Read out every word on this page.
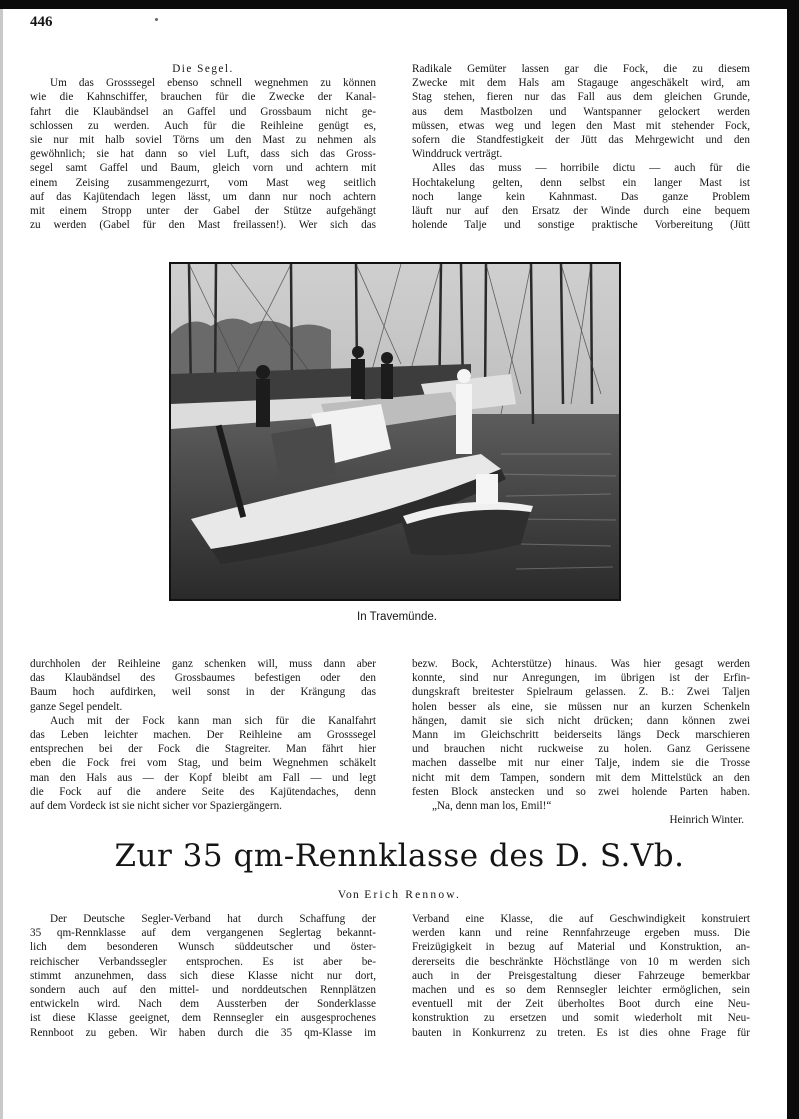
446
Die Segel.
Um das Grosssegel ebenso schnell wegnehmen zu können
wie die Kahnschiffer, brauchen für die Zwecke der Kanal-
fahrt die Klaubändsel an Gaffel und Grossbaum nicht ge-
schlossen zu werden. Auch für die Reihleine genügt es,
sie nur mit halb soviel Törns um den Mast zu nehmen als
gewöhnlich; sie hat dann so viel Luft, dass sich das Gross-
segel samt Gaffel und Baum, gleich vorn und achtern mit
einem Zeising zusammengezurrt, vom Mast weg seitlich
auf das Kajütendach legen lässt, um dann nur noch achtern
mit einem Stropp unter der Gabel der Stütze aufgehängt
zu werden (Gabel für den Mast freilassen!). Wer sich das
Radikale Gemüter lassen gar die Fock, die zu diesem
Zwecke mit dem Hals am Stagauge angeschäkelt wird, am
Stag stehen, fieren nur das Fall aus dem gleichen Grunde,
aus dem Mastbolzen und Wantspanner gelockert werden
müssen, etwas weg und legen den Mast mit stehender Fock,
sofern die Standfestigkeit der Jütt das Mehrgewicht und den
Winddruck verträgt.
Alles das muss — horribile dictu — auch für die
Hochtakelung gelten, denn selbst ein langer Mast ist
noch lange kein Kahnmast. Das ganze Problem
läuft nur auf den Ersatz der Winde durch eine bequem
holende Talje und sonstige praktische Vorbereitung (Jütt
In Travemünde.
durchholen der Reihleine ganz schenken will, muss dann aber
das Klaubändsel des Grossbaumes befestigen oder den
Baum hoch aufdirken, weil sonst in der Krängung das
ganze Segel pendelt.
Auch mit der Fock kann man sich für die Kanalfahrt
das Leben leichter machen. Der Reihleine am Grosssegel
entsprechen bei der Fock die Stagreiter. Man fährt hier
eben die Fock frei vom Stag, und beim Wegnehmen schäkelt
man den Hals aus — der Kopf bleibt am Fall — und legt
die Fock auf die andere Seite des Kajütendaches, denn
auf dem Vordeck ist sie nicht sicher vor Spaziergängern.
bezw. Bock, Achterstütze) hinaus. Was hier gesagt werden
konnte, sind nur Anregungen, im übrigen ist der Erfin-
dungskraft breitester Spielraum gelassen. Z. B.: Zwei Taljen
holen besser als eine, sie müssen nur an kurzen Schenkeln
hängen, damit sie sich nicht drücken; dann können zwei
Mann im Gleichschritt beiderseits längs Deck marschieren
und brauchen nicht ruckweise zu holen. Ganz Gerissene
machen dasselbe mit nur einer Talje, indem sie die Trosse
nicht mit dem Tampen, sondern mit dem Mittelstück an den
festen Block anstecken und so zwei holende Parten haben.
„Na, denn man los, Emil!“
Heinrich Winter.
Zur 35 qm-Rennklasse des D. S.Vb.
Von Erich Rennow.
Der Deutsche Segler-Verband hat durch Schaffung der
35 qm-Rennklasse auf dem vergangenen Seglertag bekannt-
lich dem besonderen Wunsch süddeutscher und öster-
reichischer Verbandssegler entsprochen. Es ist aber be-
stimmt anzunehmen, dass sich diese Klasse nicht nur dort,
sondern auch auf den mittel- und norddeutschen Rennplätzen
entwickeln wird. Nach dem Aussterben der Sonderklasse
ist diese Klasse geeignet, dem Rennsegler ein ausgesprochenes
Rennboot zu geben. Wir haben durch die 35 qm-Klasse im
Verband eine Klasse, die auf Geschwindigkeit konstruiert
werden kann und reine Rennfahrzeuge ergeben muss. Die
Freizügigkeit in bezug auf Material und Konstruktion, an-
dererseits die beschränkte Höchstlänge von 10 m werden sich
auch in der Preisgestaltung dieser Fahrzeuge bemerkbar
machen und es so dem Rennsegler leichter ermöglichen, sein
eventuell mit der Zeit überholtes Boot durch eine Neu-
konstruktion zu ersetzen und somit wiederholt mit Neu-
bauten in Konkurrenz zu treten. Es ist dies ohne Frage für
